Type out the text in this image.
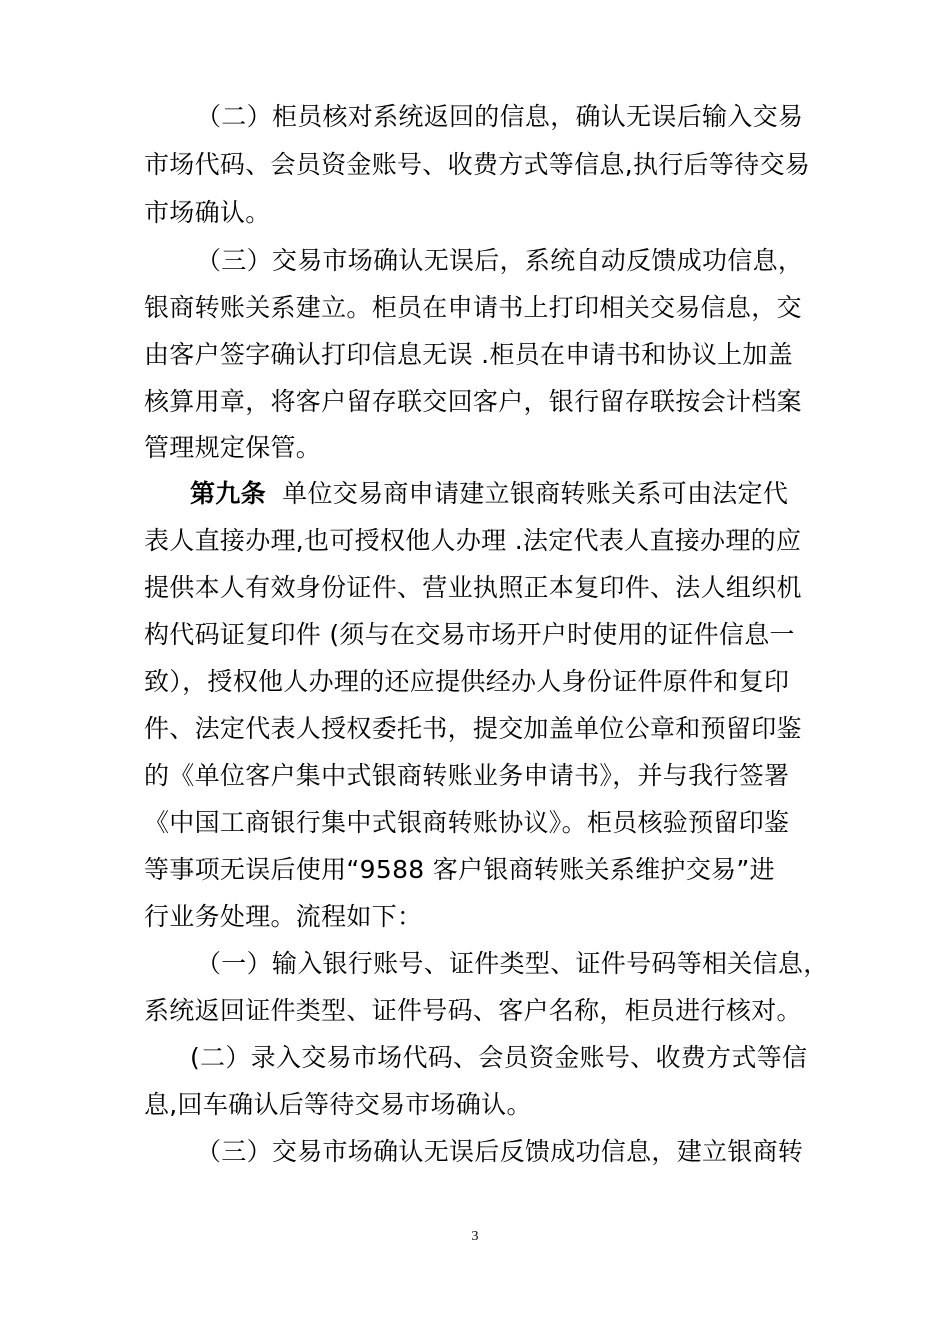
（二）柜员核对系统返回的信息，确认无误后输入交易
市场代码、会员资金账号、收费方式等信息,执行后等待交易
市场确认。
（三）交易市场确认无误后，系统自动反馈成功信息，
银商转账关系建立。柜员在申请书上打印相关交易信息，交
由客户签字确认打印信息无误 .柜员在申请书和协议上加盖
核算用章，将客户留存联交回客户，银行留存联按会计档案
管理规定保管。
第九条 单位交易商申请建立银商转账关系可由法定代
表人直接办理,也可授权他人办理 .法定代表人直接办理的应
提供本人有效身份证件、营业执照正本复印件、法人组织机
构代码证复印件 (须与在交易市场开户时使用的证件信息一
致），授权他人办理的还应提供经办人身份证件原件和复印
件、法定代表人授权委托书，提交加盖单位公章和预留印鉴
的《单位客户集中式银商转账业务申请书》，并与我行签署
《中国工商银行集中式银商转账协议》。柜员核验预留印鉴
等事项无误后使用“9588 客户银商转账关系维护交易”进
行业务处理。流程如下：
（一）输入银行账号、证件类型、证件号码等相关信息，
系统返回证件类型、证件号码、客户名称，柜员进行核对。
(二）录入交易市场代码、会员资金账号、收费方式等信
息,回车确认后等待交易市场确认。
（三）交易市场确认无误后反馈成功信息，建立银商转
3
